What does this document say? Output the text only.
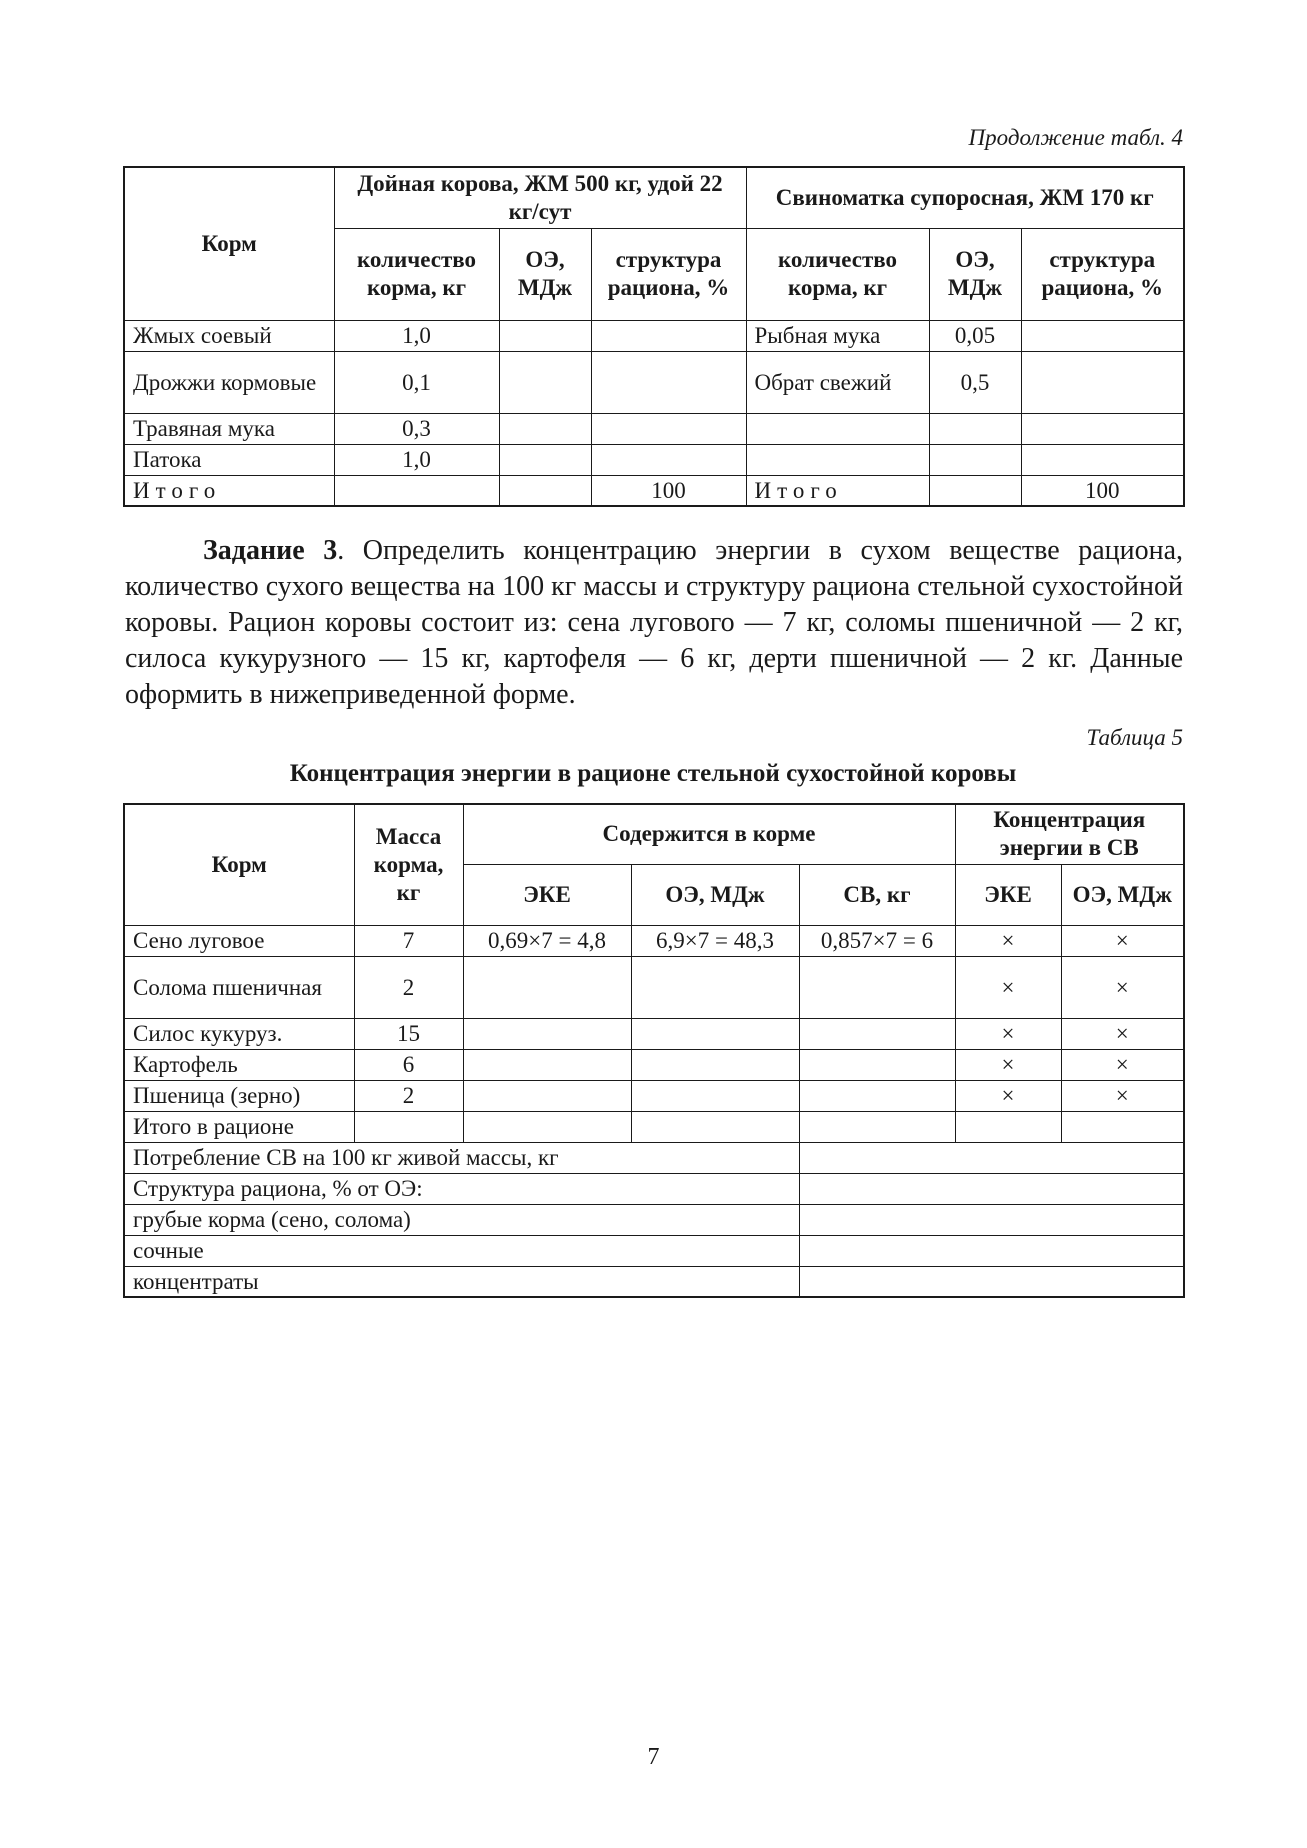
Продолжение табл. 4
Корм	Дойная корова, ЖМ 500 кг, удой 22 кг/сут			Свиноматка супоросная, ЖМ 170 кг		
	количество корма, кг	ОЭ, МДж	структура рациона, %	количество корма, кг	ОЭ, МДж	структура рациона, %
Жмых соевый	1,0			Рыбная мука	0,05	
Дрожжи кормовые	0,1			Обрат свежий	0,5	
Травяная мука	0,3					
Патока	1,0					
Итого			100	Итого		100
Задание 3. Определить концентрацию энергии в сухом веществе рациона, количество сухого вещества на 100 кг массы и структуру рациона стельной сухостойной коровы. Рацион коровы состоит из: сена лугового — 7 кг, соломы пшеничной — 2 кг, силоса кукурузного — 15 кг, картофеля — 6 кг, дерти пшеничной — 2 кг. Данные оформить в нижеприведенной форме.
Таблица 5
Концентрация энергии в рационе стельной сухостойной коровы
Корм	Масса корма, кг	Содержится в корме			Концентрация энергии в СВ	
		ЭКЕ	ОЭ, МДж	СВ, кг	ЭКЕ	ОЭ, МДж
Сено луговое	7	0,69×7 = 4,8	6,9×7 = 48,3	0,857×7 = 6	×	×
Солома пшеничная	2				×	×
Силос кукуруз.	15				×	×
Картофель	6				×	×
Пшеница (зерно)	2				×	×
Итого в рационе						
Потребление СВ на 100 кг живой массы, кг						
Структура рациона, % от ОЭ:						
грубые корма (сено, солома)						
сочные						
концентраты						
7
